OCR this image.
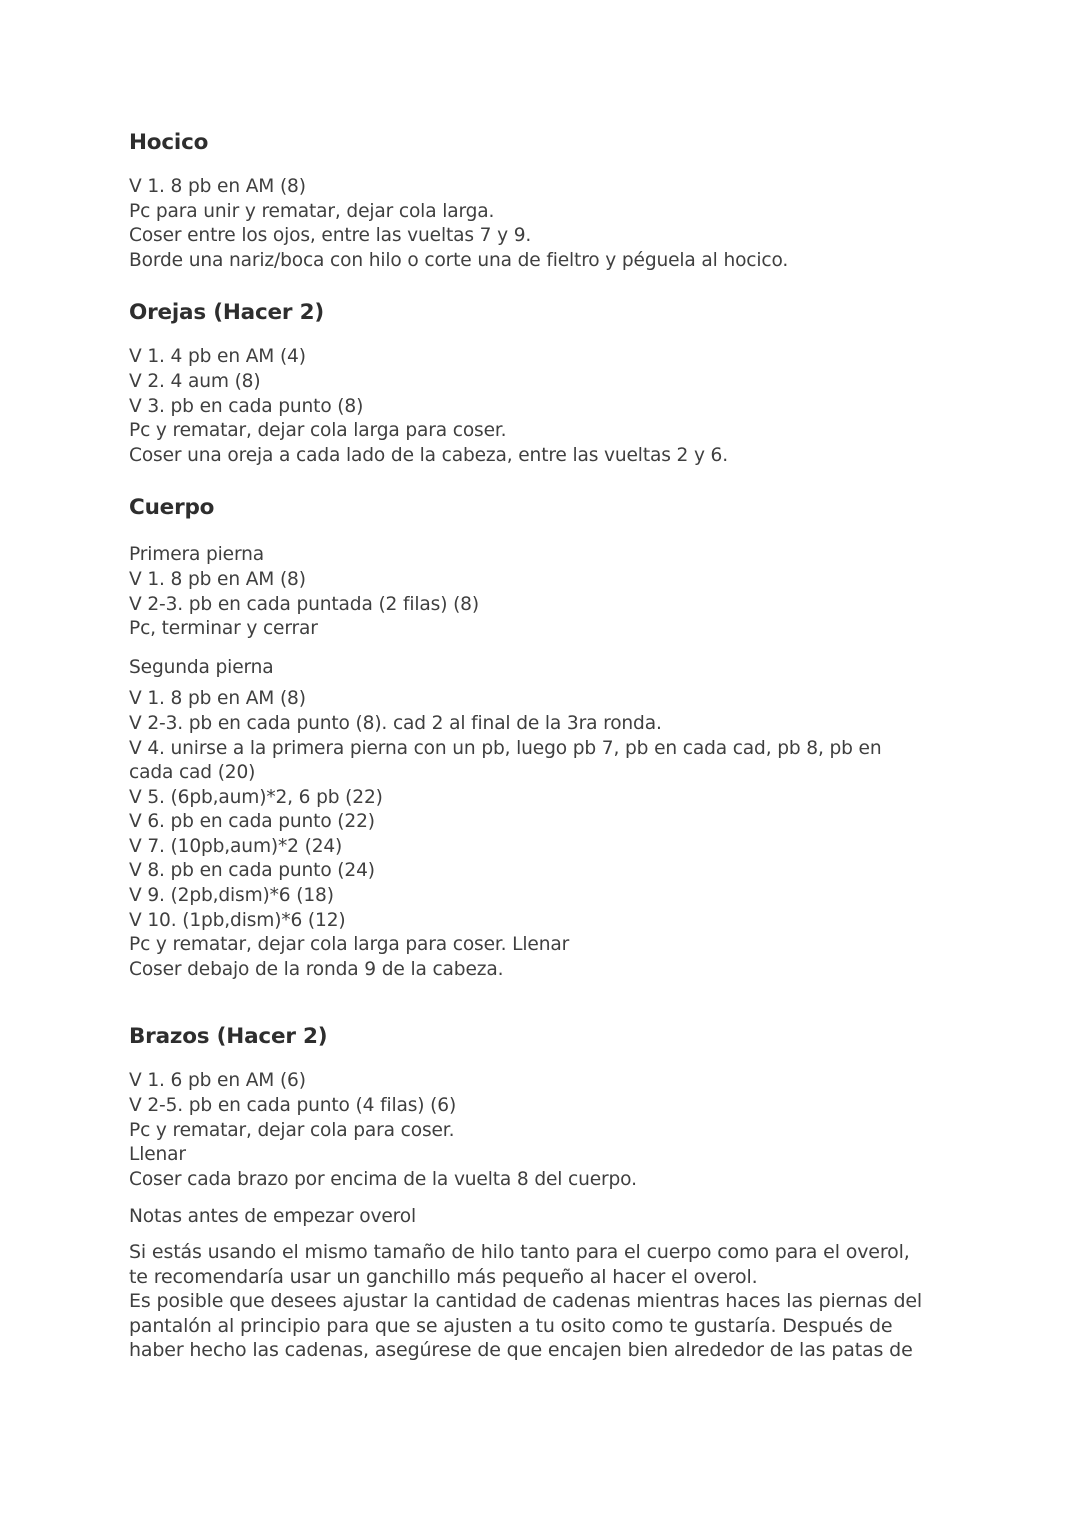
Hocico
V 1. 8 pb en AM (8)
Pc para unir y rematar, dejar cola larga.
Coser entre los ojos, entre las vueltas 7 y 9.
Borde una nariz/boca con hilo o corte una de fieltro y péguela al hocico.
Orejas (Hacer 2)
V 1. 4 pb en AM (4)
V 2. 4 aum (8)
V 3. pb en cada punto (8)
Pc y rematar, dejar cola larga para coser.
Coser una oreja a cada lado de la cabeza, entre las vueltas 2 y 6.
Cuerpo

Primera pierna

V 1. 8 pb en AM (8)
V 2-3. pb en cada puntada (2 filas) (8)
Pc, terminar y cerrar

Segunda pierna

V 1. 8 pb en AM (8)
V 2-3. pb en cada punto (8). cad 2 al final de la 3ra ronda.
V 4. unirse a la primera pierna con un pb, luego pb 7, pb en cada cad, pb 8, pb en
cada cad (20)
V 5. (6pb,aum)*2, 6 pb (22)
V 6. pb en cada punto (22)
V 7. (10pb,aum)*2 (24)
V 8. pb en cada punto (24)
V 9. (2pb,dism)*6 (18)
V 10. (1pb,dism)*6 (12)
Pc y rematar, dejar cola larga para coser. Llenar
Coser debajo de la ronda 9 de la cabeza.
Brazos (Hacer 2)
V 1. 6 pb en AM (6)
V 2-5. pb en cada punto (4 filas) (6)
Pc y rematar, dejar cola para coser.
Llenar
Coser cada brazo por encima de la vuelta 8 del cuerpo.

Notas antes de empezar overol

Si estás usando el mismo tamaño de hilo tanto para el cuerpo como para el overol,
te recomendaría usar un ganchillo más pequeño al hacer el overol.
Es posible que desees ajustar la cantidad de cadenas mientras haces las piernas del
pantalón al principio para que se ajusten a tu osito como te gustaría. Después de
haber hecho las cadenas, asegúrese de que encajen bien alrededor de las patas de
